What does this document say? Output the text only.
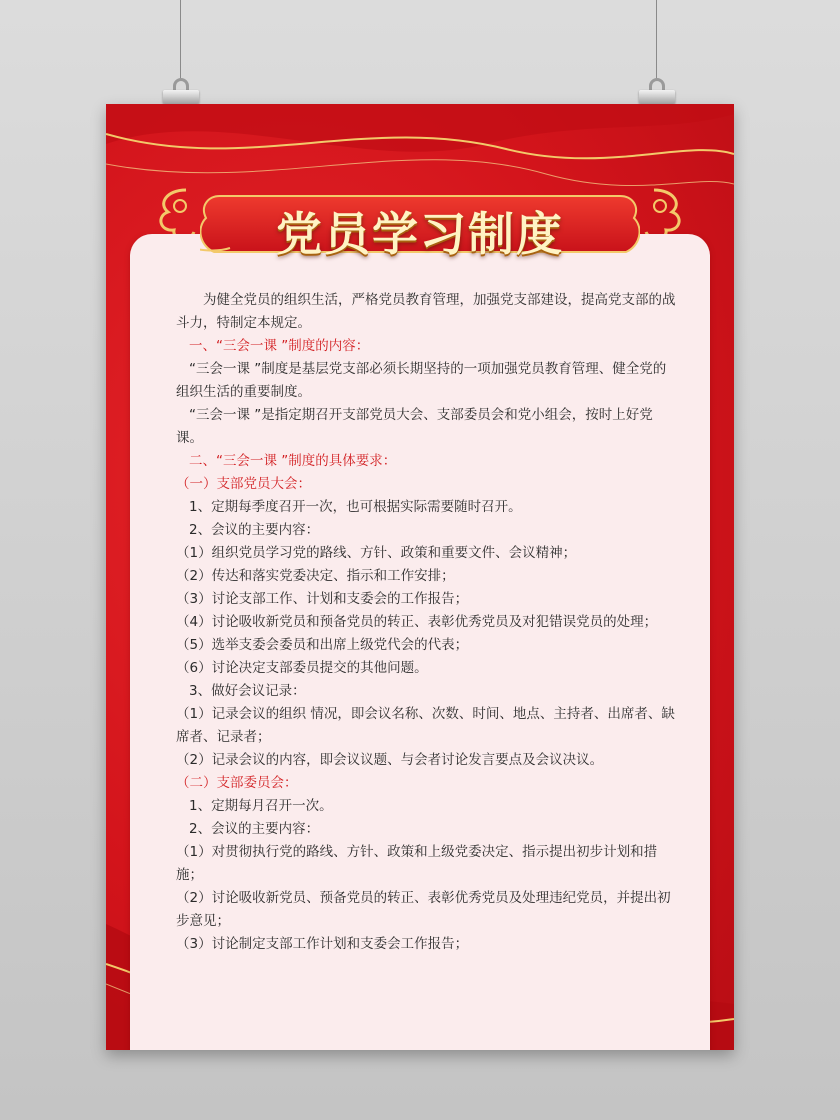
党员学习制度

为健全党员的组织生活，严格党员教育管理，加强党支部建设，提高党支部的战斗力，特制定本规定。

一、“三会一课 ”制度的内容：

“三会一课 ”制度是基层党支部必须长期坚持的一项加强党员教育管理、健全党的组织生活的重要制度。

“三会一课 ”是指定期召开支部党员大会、支部委员会和党小组会，按时上好党课。

二、“三会一课 ”制度的具体要求：

（一）支部党员大会：

1、定期每季度召开一次，也可根据实际需要随时召开。

2、会议的主要内容：

（1）组织党员学习党的路线、方针、政策和重要文件、会议精神；

（2）传达和落实党委决定、指示和工作安排；

（3）讨论支部工作、计划和支委会的工作报告；

（4）讨论吸收新党员和预备党员的转正、表彰优秀党员及对犯错误党员的处理；

（5）选举支委会委员和出席上级党代会的代表；

（6）讨论决定支部委员提交的其他问题。

3、做好会议记录：

（1）记录会议的组织 情况，即会议名称、次数、时间、地点、主持者、出席者、缺席者、记录者；

（2）记录会议的内容，即会议议题、与会者讨论发言要点及会议决议。

（二）支部委员会：

1、定期每月召开一次。

2、会议的主要内容：

（1）对贯彻执行党的路线、方针、政策和上级党委决定、指示提出初步计划和措施；

（2）讨论吸收新党员、预备党员的转正、表彰优秀党员及处理违纪党员，并提出初步意见；

（3）讨论制定支部工作计划和支委会工作报告；
